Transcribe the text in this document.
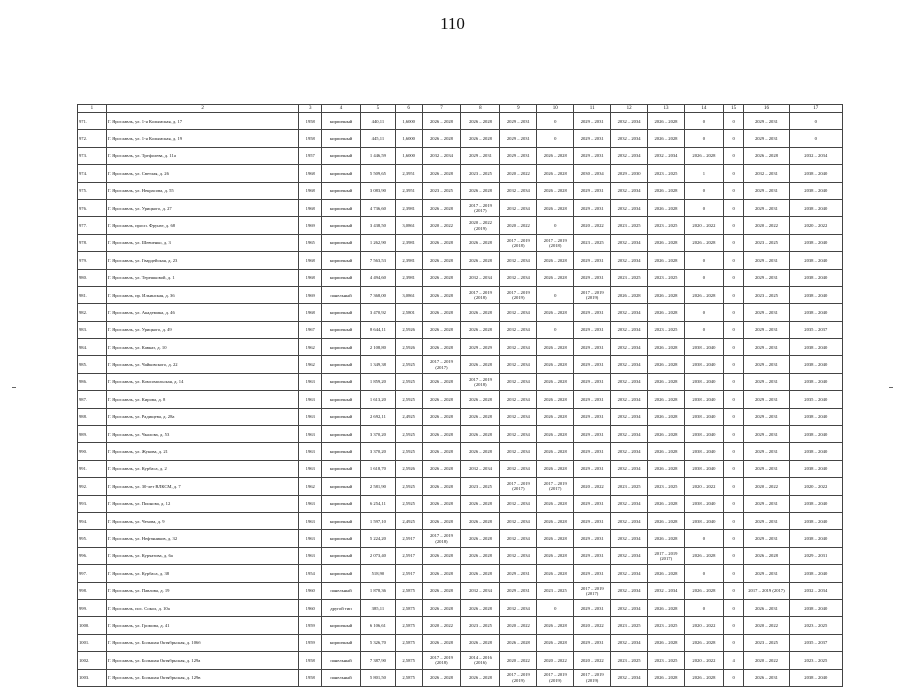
110
1	2	3	4	5	6	7	8	9	10	11	12	13	14	15	16	17
971.	Г. Ярославль, ул. 1-я Колымская, д. 17	1958	кирпичный	440,11	1,6000	2026 – 2028	2026 – 2028	2029 – 2031	0	2029 – 2031	2032 – 2034	2026 – 2028	0	0	2029 – 2031	0
972.	Г. Ярославль, ул. 1-я Колымская, д. 19	1958	кирпичный	445,11	1,6000	2026 – 2028	2026 – 2028	2029 – 2031	0	2029 – 2031	2032 – 2034	2026 – 2028	0	0	2029 – 2031	0
973.	Г. Ярославль, ул. Трефолева, д. 11а	1957	кирпичный	1 446,59	1,6000	2032 – 2034	2029 – 2031	2029 – 2031	2026 – 2028	2029 – 2031	2032 – 2034	2032 – 2034	2026 – 2028	0	2026 – 2028	2032 – 2034
974.	Г. Ярославль, ул. Светлая, д. 26	1968	кирпичный	5 509,65	2,3951	2026 – 2028	2023 – 2025	2020 – 2022	2026 – 2028	2030 – 2034	2029 – 2030	2023 – 2025	1	0	2032 – 2031	2038 – 2040
975.	Г. Ярославль, ул. Некрасова, д. 55	1968	кирпичный	3 083,90	2,3951	2023 – 2025	2026 – 2028	2032 – 2034	2026 – 2028	2029 – 2031	2032 – 2034	2026 – 2028	0	0	2029 – 2031	2038 – 2040
976.	Г. Ярославль, ул. Урицкого, д. 27	1968	кирпичный	4 736,60	2,3981	2026 – 2028	2017 – 2019 (2017)	2032 – 2034	2026 – 2028	2029 – 2031	2032 – 2034	2026 – 2028	0	0	2029 – 2031	2038 – 2040
977.	Г. Ярославль, просп. Фрунзе, д. 68	1969	кирпичный	3 438,50	3,0861	2020 – 2022	2020 – 2022 (2019)	2020 – 2022	0	2020 – 2022	2023 – 2025	2023 – 2025	2020 – 2022	0	2020 – 2022	2020 – 2022
978.	Г. Ярославль, ул. Шевченко, д. 3	1965	кирпичный	1 262,90	2,3981	2026 – 2028	2026 – 2028	2017 – 2019 (2018)	2017 – 2019 (2018)	2023 – 2025	2032 – 2034	2026 – 2028	2026 – 2028	0	2023 – 2025	2038 – 2040
979.	Г. Ярославль, ул. Гвардейская, д. 23	1968	кирпичный	7 563,53	2,3981	2026 – 2028	2026 – 2028	2032 – 2034	2026 – 2028	2029 – 2031	2032 – 2034	2026 – 2028	0	0	2029 – 2031	2038 – 2040
980.	Г. Ярославль, ул. Терешковой, д. 1	1968	кирпичный	4 494,60	2,3981	2026 – 2028	2032 – 2034	2032 – 2034	2026 – 2028	2029 – 2031	2023 – 2025	2023 – 2025	0	0	2029 – 2031	2038 – 2040
981.	Г. Ярославль, пр. Ильинская, д. 36	1969	панельный	7 368,00	3,0861	2026 – 2028	2017 – 2019 (2018)	2017 – 2019 (2019)	0	2017 – 2019 (2019)	2026 – 2028	2026 – 2028	2026 – 2028	0	2023 – 2025	2038 – 2040
982.	Г. Ярославль, ул. Академика, д. 46	1968	кирпичный	3 470,92	2,5801	2026 – 2028	2026 – 2028	2032 – 2034	2026 – 2028	2029 – 2031	2032 – 2034	2026 – 2028	0	0	2029 – 2031	2038 – 2040
983.	Г. Ярославль, ул. Урицкого, д. 49	1967	кирпичный	8 644,11	2,5926	2026 – 2028	2026 – 2028	2032 – 2034	0	2029 – 2031	2032 – 2034	2023 – 2025	0	0	2029 – 2031	2035 – 2037
984.	Г. Ярославль, ул. Кавказ, д. 10	1962	кирпичный	2 108,80	2,5926	2026 – 2028	2029 – 2029	2032 – 2034	2026 – 2028	2029 – 2031	2032 – 2034	2026 – 2028	2038 – 2040	0	2029 – 2031	2038 – 2040
985.	Г. Ярославль, ул. Чайковского, д. 22	1962	кирпичный	1 349,38	2,5925	2017 – 2019 (2017)	2026 – 2028	2032 – 2034	2026 – 2028	2029 – 2031	2032 – 2034	2026 – 2028	2038 – 2040	0	2029 – 2031	2038 – 2040
986.	Г. Ярославль, ул. Комсомольская, д. 14	1963	кирпичный	1 859,20	2,5925	2026 – 2028	2017 – 2019 (2018)	2032 – 2034	2026 – 2028	2029 – 2031	2032 – 2034	2026 – 2028	2038 – 2040	0	2029 – 2031	2038 – 2040
987.	Г. Ярославль, ул. Кирова, д. 8	1963	кирпичный	1 613,20	2,5925	2026 – 2028	2026 – 2028	2032 – 2034	2026 – 2028	2029 – 2031	2032 – 2034	2026 – 2028	2038 – 2040	0	2029 – 2031	2035 – 2040
988.	Г. Ярославль, ул. Радищева, д. 28а	1963	кирпичный	2 692,11	2,4925	2026 – 2028	2026 – 2028	2032 – 2034	2026 – 2028	2029 – 2031	2032 – 2034	2026 – 2028	2038 – 2040	0	2029 – 2031	2038 – 2040
989.	Г. Ярославль, ул. Чкалова, д. 53	1963	кирпичный	3 370,20	2,5925	2026 – 2028	2026 – 2028	2032 – 2034	2026 – 2028	2029 – 2031	2032 – 2034	2026 – 2028	2038 – 2040	0	2029 – 2031	2038 – 2040
990.	Г. Ярославль, ул. Жукова, д. 21	1963	кирпичный	3 370,20	2,5925	2026 – 2028	2026 – 2028	2032 – 2034	2026 – 2028	2029 – 2031	2032 – 2034	2026 – 2028	2038 – 2040	0	2029 – 2031	2038 – 2040
991.	Г. Ярославль, ул. Курбаса, д. 2	1963	кирпичный	1 618,70	2,5926	2026 – 2028	2032 – 2034	2032 – 2034	2026 – 2028	2029 – 2031	2032 – 2034	2026 – 2028	2038 – 2040	0	2029 – 2031	2038 – 2040
992.	Г. Ярославль, ул. 30-лет ВЛКСМ, д. 7	1962	кирпичный	2 581,90	2,5925	2026 – 2028	2023 – 2025	2017 – 2019 (2017)	2017 – 2019 (2017)	2020 – 2022	2023 – 2025	2023 – 2025	2020 – 2022	0	2020 – 2022	2020 – 2022
993.	Г. Ярославль, ул. Пионова, д. 12	1963	кирпичный	6 254,11	2,5925	2026 – 2028	2026 – 2028	2032 – 2034	2026 – 2028	2029 – 2031	2032 – 2034	2026 – 2028	2038 – 2040	0	2029 – 2031	2038 – 2040
994.	Г. Ярославль, ул. Чехова, д. 9	1963	кирпичный	1 597,10	2,4925	2026 – 2028	2026 – 2028	2032 – 2034	2026 – 2028	2029 – 2031	2032 – 2034	2026 – 2028	2038 – 2040	0	2029 – 2031	2038 – 2040
995.	Г. Ярославль, ул. Нефтяников, д. 32	1963	кирпичный	5 224,20	2,5917	2017 – 2019 (2018)	2026 – 2028	2032 – 2034	2026 – 2028	2029 – 2031	2032 – 2034	2026 – 2028	0	0	2029 – 2031	2038 – 2040
996.	Г. Ярославль, ул. Курчатова, д. 6а	1963	кирпичный	2 073,40	2,5917	2026 – 2028	2026 – 2028	2032 – 2034	2026 – 2028	2029 – 2031	2032 – 2034	2017 – 2019 (2017)	2026 – 2028	0	2026 – 2028	2029 – 2031
997.	Г. Ярославль, ул. Курбаса, д. 38	1954	кирпичный	518,90	2,5917	2026 – 2028	2026 – 2028	2029 – 2031	2026 – 2028	2029 – 2031	2032 – 2034	2026 – 2028	0	0	2029 – 2031	2038 – 2040
998.	Г. Ярославль, ул. Павлова, д. 19	1960	панельный	1 878,36	2,5875	2026 – 2028	2032 – 2034	2029 – 2031	2023 – 2025	2017 – 2019 (2017)	2032 – 2034	2032 – 2034	2026 – 2028	0	2017 – 2019 (2017)	2032 – 2034
999.	Г. Ярославль, пос. Сокол, д. 10а	1960	другой тип	385,11	2,5875	2026 – 2028	2026 – 2028	2032 – 2034	0	2029 – 2031	2032 – 2034	2026 – 2028	0	0	2026 – 2031	2038 – 2040
1000.	Г. Ярославль, ул. Громова, д. 41	1959	кирпичный	6 106,61	2,5875	2020 – 2022	2023 – 2025	2020 – 2022	2026 – 2028	2020 – 2022	2023 – 2025	2023 – 2025	2020 – 2022	0	2020 – 2022	2023 – 2025
1001.	Г. Ярославль, ул. Большая Октябрьская, д. 106б	1959	кирпичный	5 326,70	2,5875	2026 – 2028	2026 – 2028	2026 – 2028	2026 – 2028	2029 – 2031	2032 – 2034	2026 – 2028	2026 – 2028	0	2023 – 2025	2035 – 2037
1002.	Г. Ярославль, ул. Большая Октябрьская, д. 129а	1958	панельный	7 387,90	2,5875	2017 – 2019 (2018)	2014 – 2016 (2016)	2020 – 2022	2020 – 2022	2020 – 2022	2023 – 2025	2023 – 2025	2020 – 2022	4	2020 – 2022	2023 – 2025
1003.	Г. Ярославль, ул. Большая Октябрьская, д. 129в	1958	панельный	5 801,50	2,5875	2026 – 2028	2026 – 2028	2017 – 2019 (2019)	2017 – 2019 (2019)	2017 – 2019 (2019)	2032 – 2034	2026 – 2028	2026 – 2028	0	2026 – 2031	2038 – 2040
